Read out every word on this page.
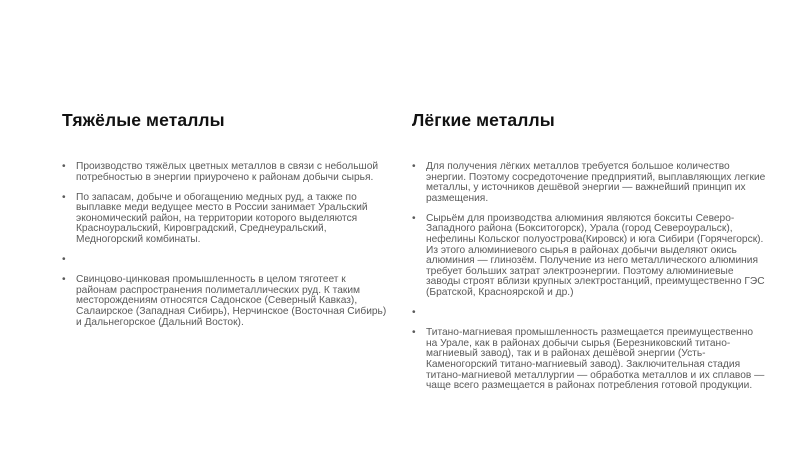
Тяжёлые металлы
• Производство тяжёлых цветных металлов в связи с небольшой потребностью в энергии приурочено к районам добычи сырья.
• По запасам, добыче и обогащению медных руд, а также по выплавке меди ведущее место в России занимает Уральский экономический район, на территории которого выделяются Красноуральский, Кировградский, Среднеуральский, Медногорский комбинаты.
•
• Свинцово-цинковая промышленность в целом тяготеет к районам распространения полиметаллических руд. К таким месторождениям относятся Садонское (Северный Кавказ), Салаирское (Западная Сибирь), Нерчинское (Восточная Сибирь) и Дальнегорское (Дальний Восток).
Лёгкие металлы
• Для получения лёгких металлов требуется большое количество энергии. Поэтому сосредоточение предприятий, выплавляющих легкие металлы, у источников дешёвой энергии — важнейший принцип их размещения.
• Сырьём для производства алюминия являются бокситы Северо-Западного района (Бокситогорск), Урала (город Североуральск), нефелины Кольског полуострова(Кировск) и юга Сибири (Горячегорск). Из этого алюминиевого сырья в районах добычи выделяют окись алюминия — глинозём. Получение из него металлического алюминия требует больших затрат электроэнергии. Поэтому алюминиевые заводы строят вблизи крупных электростанций, преимущественно ГЭС (Братской, Красноярской и др.)
•
• Титано-магниевая промышленность размещается преимущественно на Урале, как в районах добычи сырья (Березниковский титано-магниевый завод), так и в районах дешёвой энергии (Усть-Каменогорский титано-магниевый завод). Заключительная стадия титано-магниевой металлургии — обработка металлов и их сплавов — чаще всего размещается в районах потребления готовой продукции.
